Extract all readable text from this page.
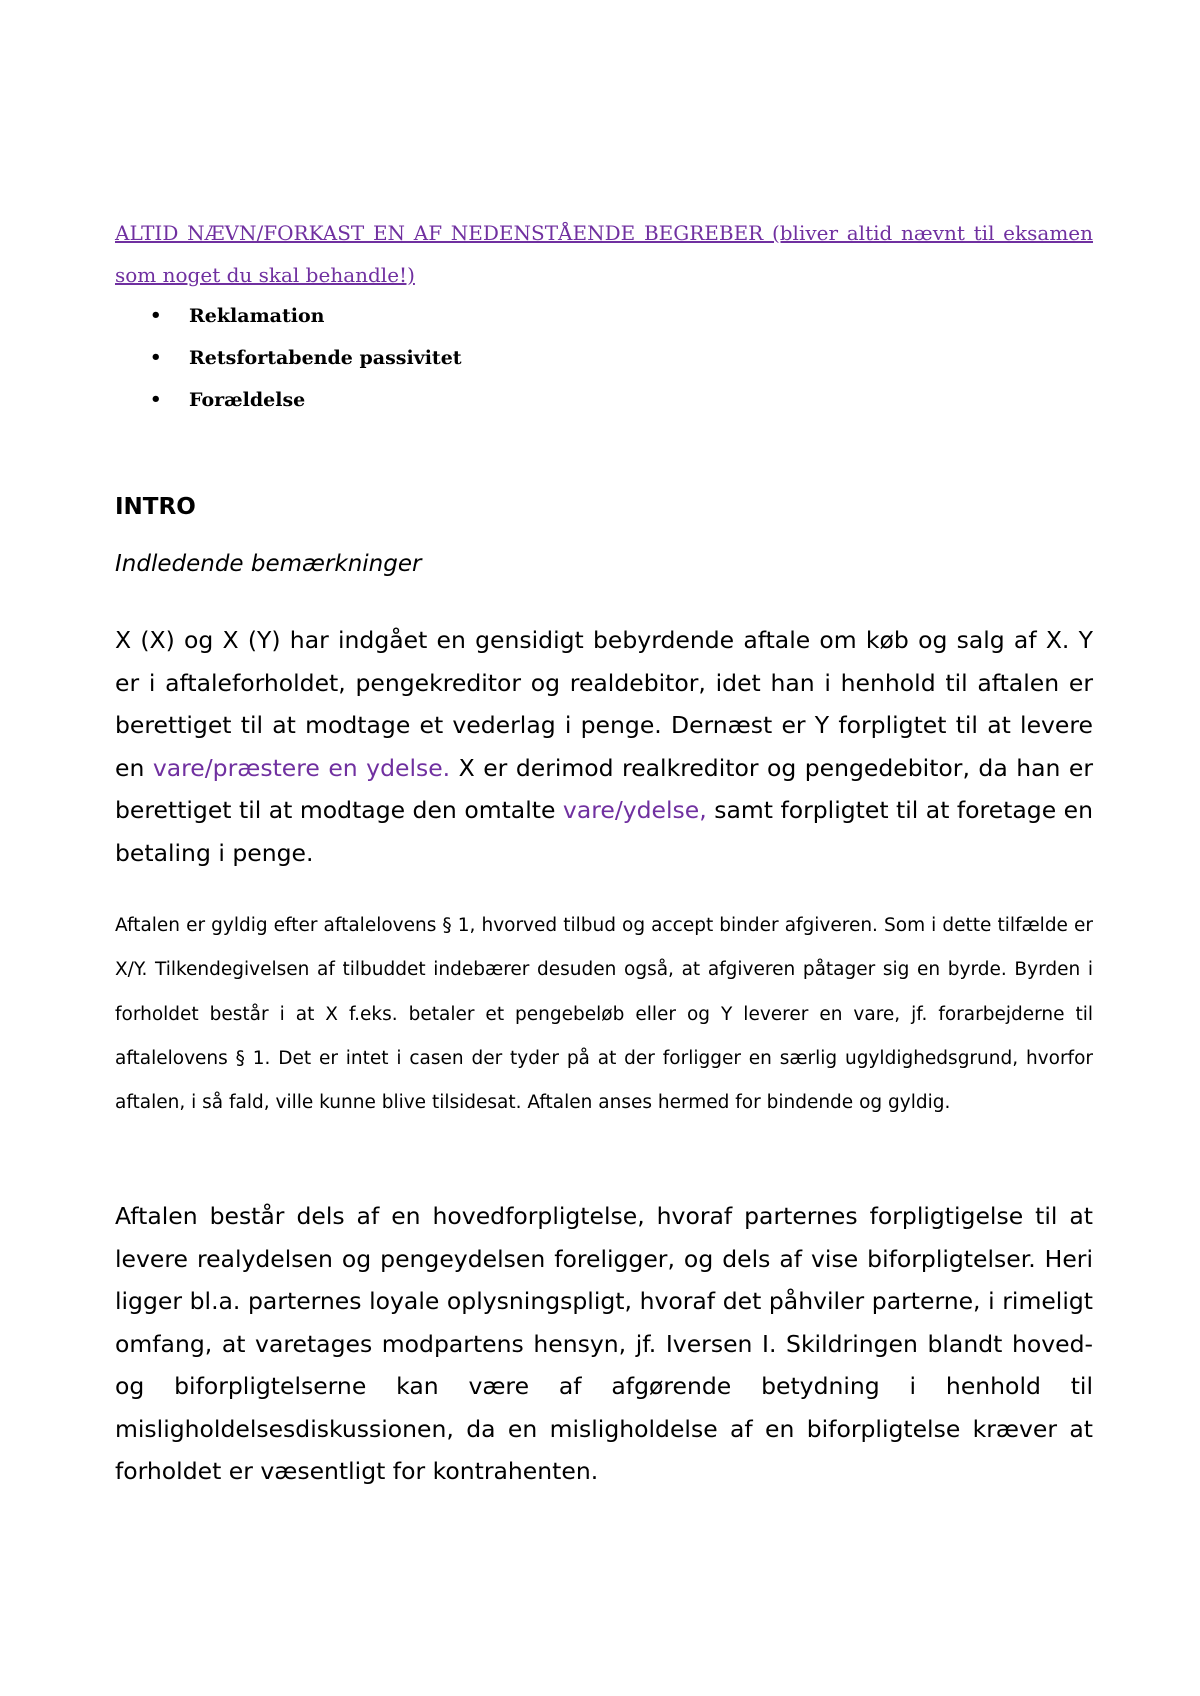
ALTID NÆVN/FORKAST EN AF NEDENSTÅENDE BEGREBER (bliver altid nævnt til eksamen som noget du skal behandle!)
• Reklamation
• Retsfortabende passivitet
• Forældelse
INTRO
Indledende bemærkninger

X (X) og X (Y) har indgået en gensidigt bebyrdende aftale om køb og salg af X. Y er i aftaleforholdet, pengekreditor og realdebitor, idet han i henhold til aftalen er berettiget til at modtage et vederlag i penge. Dernæst er Y forpligtet til at levere en vare/præstere en ydelse. X er derimod realkreditor og pengedebitor, da han er berettiget til at modtage den omtalte vare/ydelse, samt forpligtet til at foretage en betaling i penge.

Aftalen er gyldig efter aftalelovens § 1, hvorved tilbud og accept binder afgiveren. Som i dette tilfælde er X/Y. Tilkendegivelsen af tilbuddet indebærer desuden også, at afgiveren påtager sig en byrde. Byrden i forholdet består i at X f.eks. betaler et pengebeløb eller og Y leverer en vare, jf. forarbejderne til aftalelovens § 1. Det er intet i casen der tyder på at der forligger en særlig ugyldighedsgrund, hvorfor aftalen, i så fald, ville kunne blive tilsidesat. Aftalen anses hermed for bindende og gyldig.

Aftalen består dels af en hovedforpligtelse, hvoraf parternes forpligtigelse til at levere realydelsen og pengeydelsen foreligger, og dels af vise biforpligtelser. Heri ligger bl.a. parternes loyale oplysningspligt, hvoraf det påhviler parterne, i rimeligt omfang, at varetages modpartens hensyn, jf. Iversen I. Skildringen blandt hoved- og biforpligtelserne kan være af afgørende betydning i henhold til misligholdelsesdiskussionen, da en misligholdelse af en biforpligtelse kræver at forholdet er væsentligt for kontrahenten.
